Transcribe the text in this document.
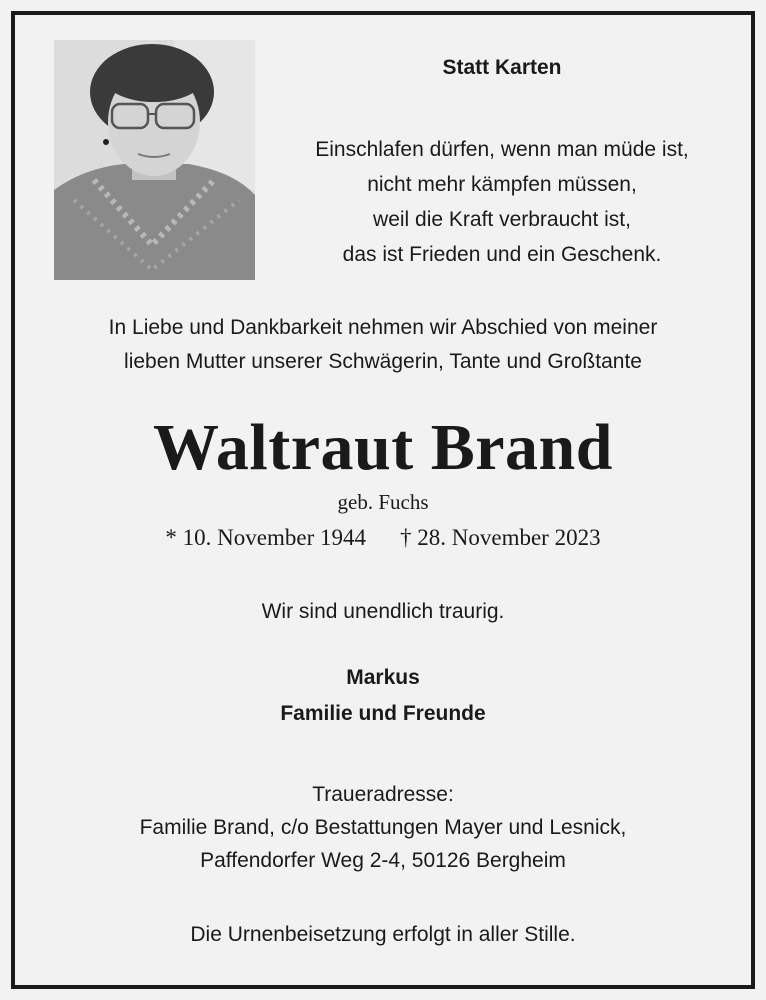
Statt Karten
Einschlafen dürfen, wenn man müde ist,
nicht mehr kämpfen müssen,
weil die Kraft verbraucht ist,
das ist Frieden und ein Geschenk.
In Liebe und Dankbarkeit nehmen wir Abschied von meiner
lieben Mutter unserer Schwägerin, Tante und Großtante
Waltraut Brand
geb. Fuchs
* 10. November 1944 † 28. November 2023
Wir sind unendlich traurig.
Markus
Familie und Freunde
Traueradresse:
Familie Brand, c/o Bestattungen Mayer und Lesnick,
Paffendorfer Weg 2-4, 50126 Bergheim
Die Urnenbeisetzung erfolgt in aller Stille.
